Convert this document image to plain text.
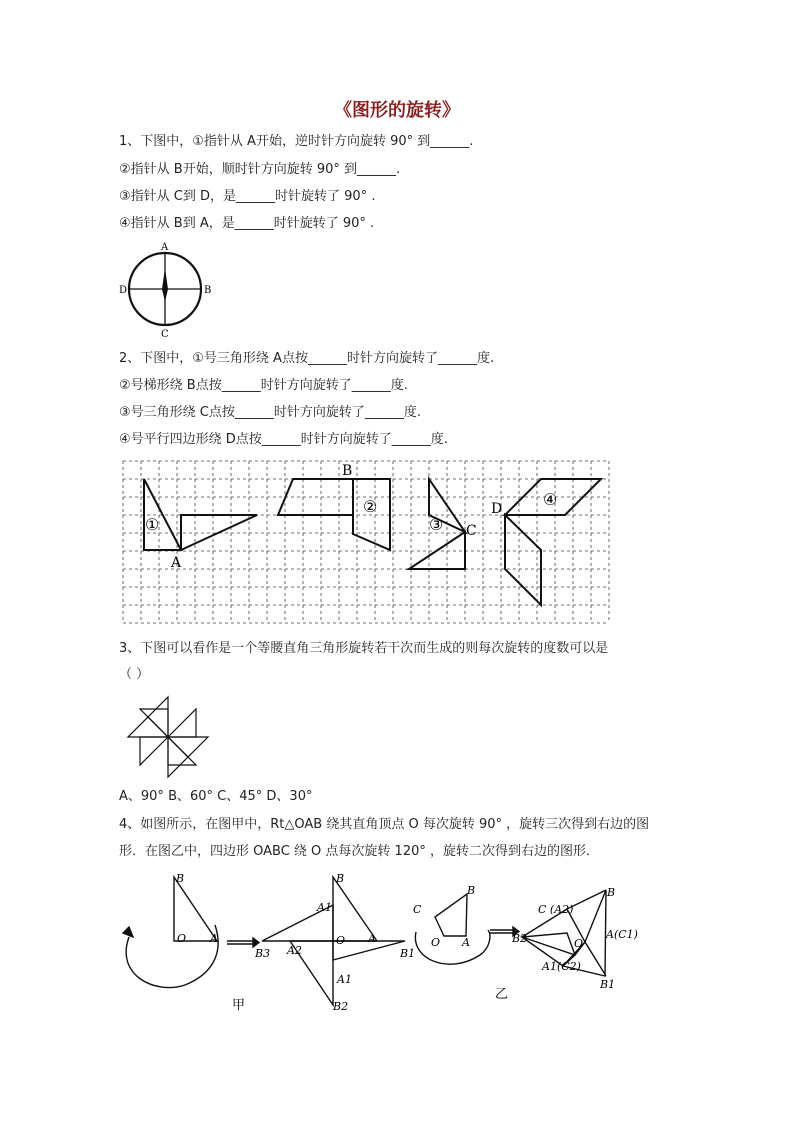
《图形的旋转》
1、下图中，①指针从 A开始，逆时针方向旋转 90° 到______.
②指针从 B开始，顺时针方向旋转 90° 到______.
③指针从 C到 D，是______时针旋转了 90° .
④指针从 B到 A，是______时针旋转了 90° .
A
B
C
D
2、下图中，①号三角形绕 A点按______时针方向旋转了______度.
②号梯形绕 B点按______时针方向旋转了______度.
③号三角形绕 C点按______时针方向旋转了______度.
④号平行四边形绕 D点按______时针方向旋转了______度.
①
②
③
④
A
B
C
D
3、下图可以看作是一个等腰直角三角形旋转若干次而生成的则每次旋转的度数可以是
（ ）
A、90° B、60° C、45° D、30°
4、如图所示，在图甲中，Rt△OAB 绕其直角顶点 O 每次旋转 90° ，旋转三次得到右边的图
形．在图乙中，四边形 OABC 绕 O 点每次旋转 120° ，旋转二次得到右边的图形．
B
O A
B
A1
O A
B3 A2	B1
A1
B2
甲
B
C
O A
B
C (A2)
O
A(C1)
B2
A1(C2)
B1
乙
